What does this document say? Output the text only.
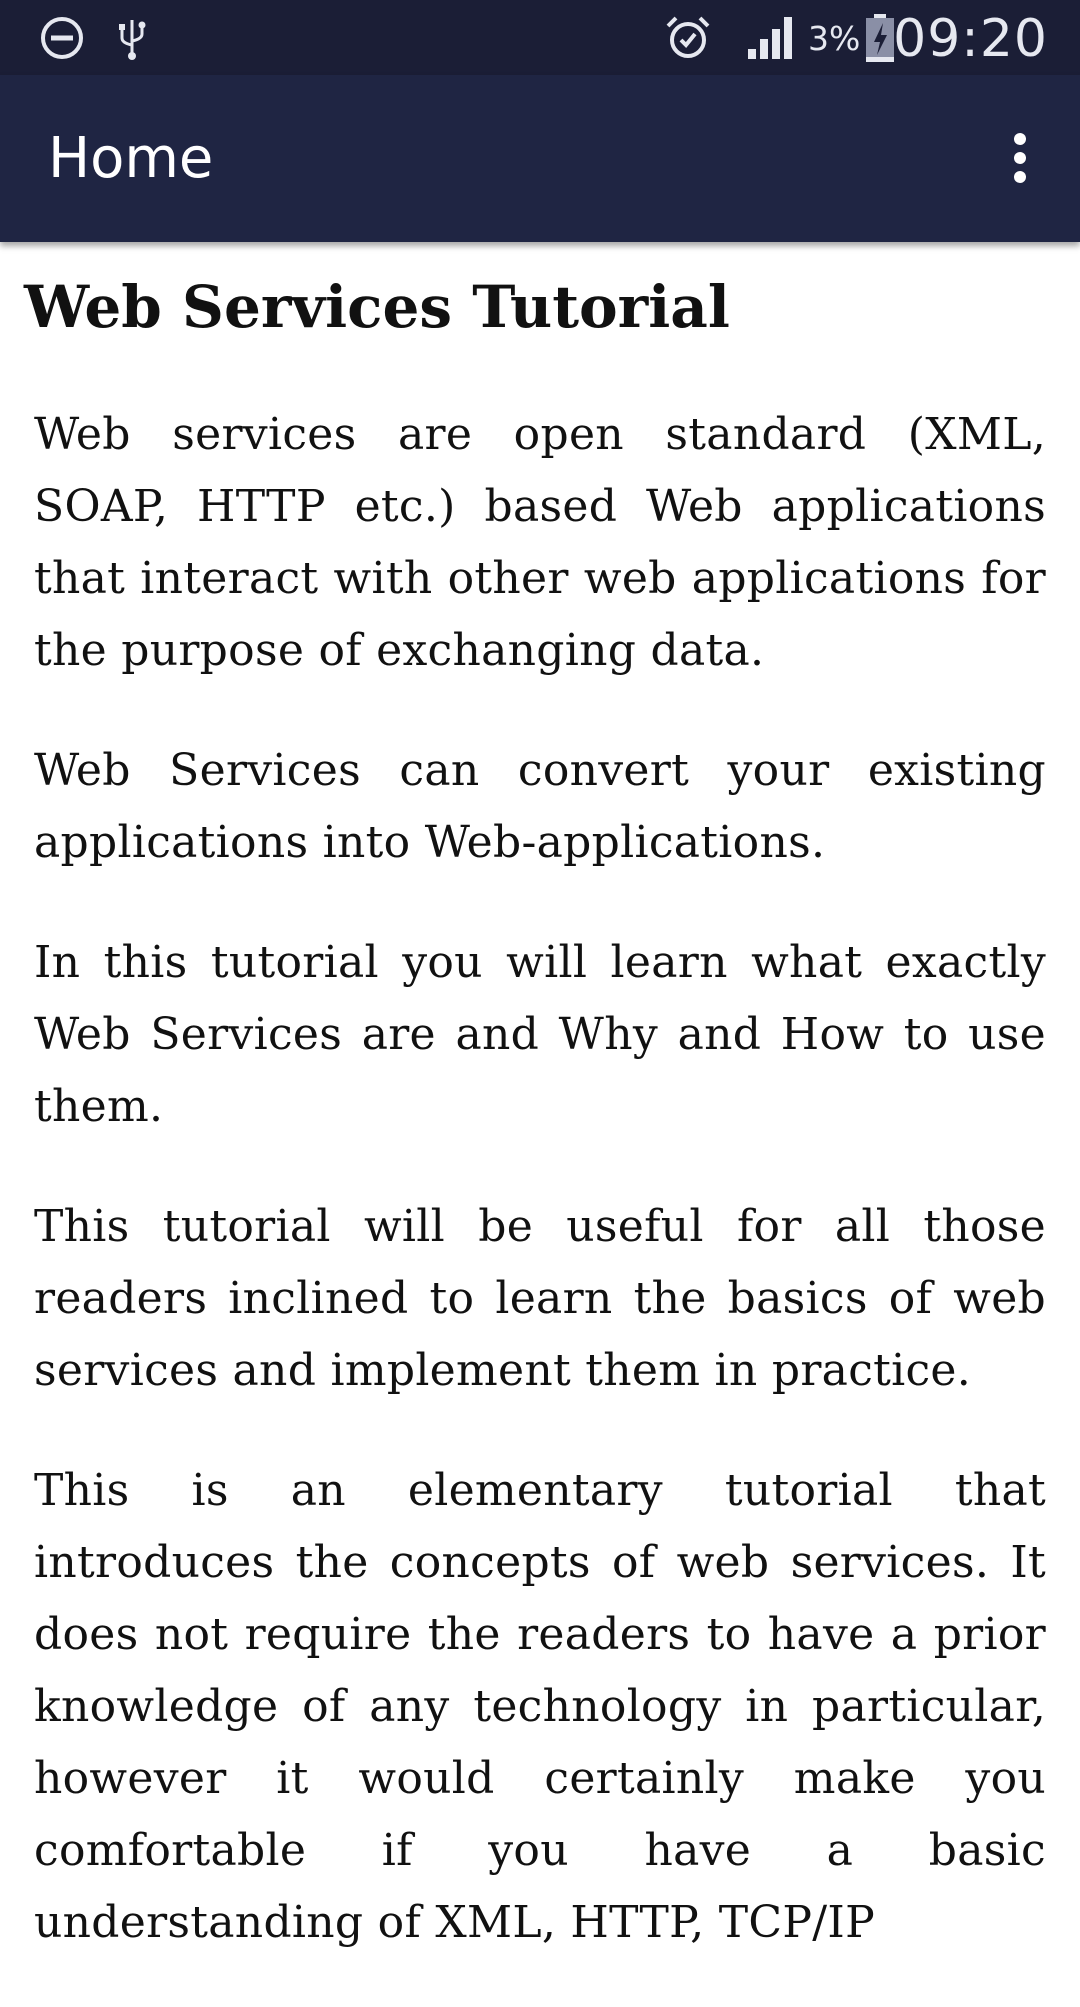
3% 09:20
Home
Web Services Tutorial

Web services are open standard (XML, SOAP, HTTP etc.) based Web applications that interact with other web applications for the purpose of exchanging data.

Web Services can convert your existing applications into Web-applications.

In this tutorial you will learn what exactly Web Services are and Why and How to use them.

This tutorial will be useful for all those readers inclined to learn the basics of web services and implement them in practice.

This is an elementary tutorial that introduces the concepts of web services. It does not require the readers to have a prior knowledge of any technology in particular, however it would certainly make you comfortable if you have a basic understanding of XML, HTTP, TCP/IP
